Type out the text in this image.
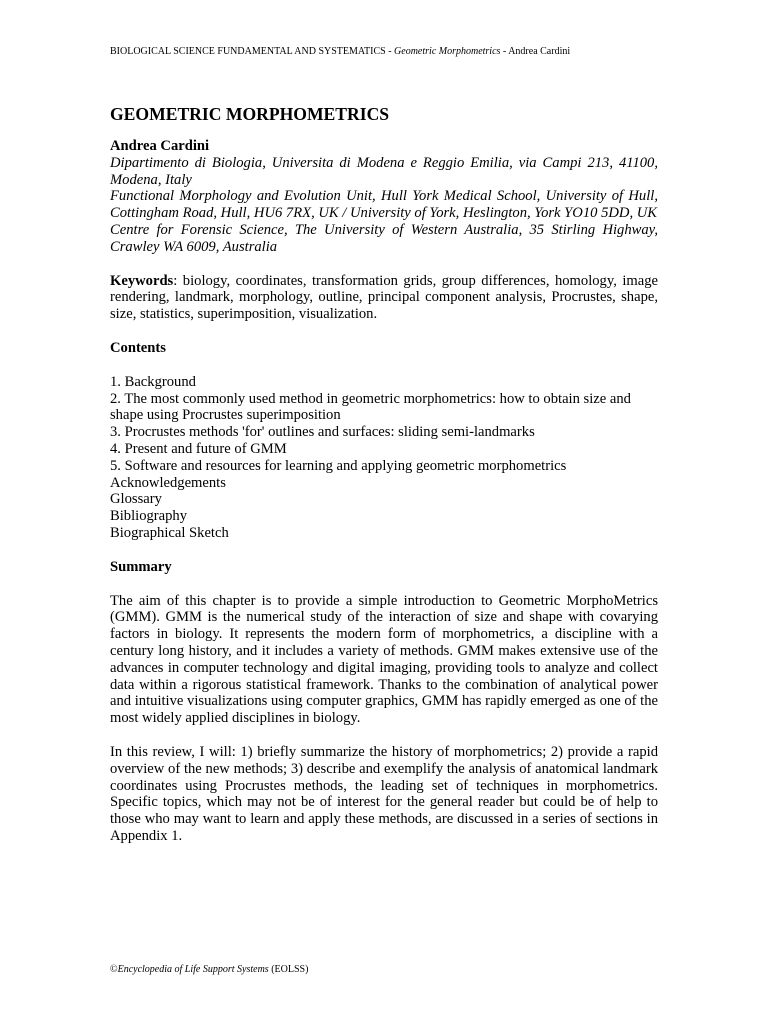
BIOLOGICAL SCIENCE FUNDAMENTAL AND SYSTEMATICS - Geometric Morphometrics - Andrea Cardini
GEOMETRIC MORPHOMETRICS

Andrea Cardini

Dipartimento di Biologia, Universita di Modena e Reggio Emilia, via Campi 213, 41100, Modena, Italy

Functional Morphology and Evolution Unit, Hull York Medical School, University of Hull, Cottingham Road, Hull, HU6 7RX, UK / University of York, Heslington, York YO10 5DD, UK

Centre for Forensic Science, The University of Western Australia, 35 Stirling Highway, Crawley WA 6009, Australia

Keywords: biology, coordinates, transformation grids, group differences, homology, image rendering, landmark, morphology, outline, principal component analysis, Procrustes, shape, size, statistics, superimposition, visualization.

Contents

1. Background
2. The most commonly used method in geometric morphometrics: how to obtain size and shape using Procrustes superimposition
3. Procrustes methods 'for' outlines and surfaces: sliding semi-landmarks
4. Present and future of GMM
5. Software and resources for learning and applying geometric morphometrics
Acknowledgements
Glossary
Bibliography
Biographical Sketch

Summary

The aim of this chapter is to provide a simple introduction to Geometric MorphoMetrics (GMM). GMM is the numerical study of the interaction of size and shape with covarying factors in biology. It represents the modern form of morphometrics, a discipline with a century long history, and it includes a variety of methods. GMM makes extensive use of the advances in computer technology and digital imaging, providing tools to analyze and collect data within a rigorous statistical framework. Thanks to the combination of analytical power and intuitive visualizations using computer graphics, GMM has rapidly emerged as one of the most widely applied disciplines in biology.

In this review, I will: 1) briefly summarize the history of morphometrics; 2) provide a rapid overview of the new methods; 3) describe and exemplify the analysis of anatomical landmark coordinates using Procrustes methods, the leading set of techniques in morphometrics. Specific topics, which may not be of interest for the general reader but could be of help to those who may want to learn and apply these methods, are discussed in a series of sections in Appendix 1.

©Encyclopedia of Life Support Systems (EOLSS)
